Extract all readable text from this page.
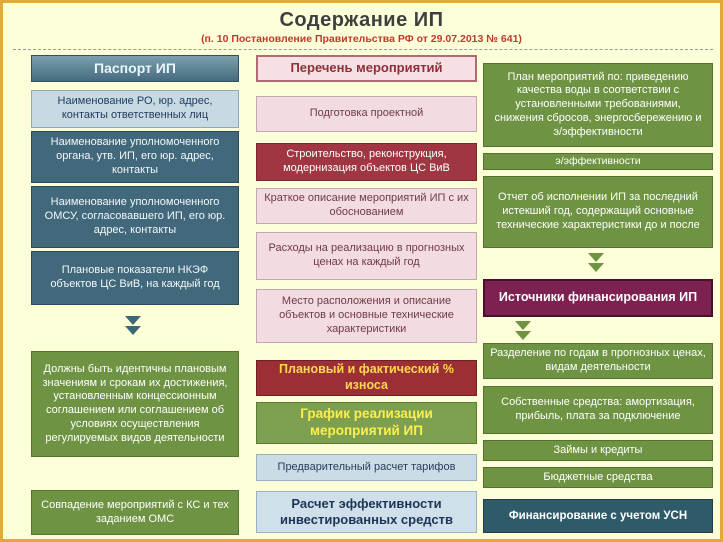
Содержание ИП
(п. 10 Постановление Правительства РФ от 29.07.2013 № 641)
Паспорт ИП
Наименование РО, юр. адрес, контакты ответственных лиц
Наименование уполномоченного органа, утв. ИП, его юр. адрес, контакты
Наименование уполномоченного ОМСУ, согласовавшего ИП, его юр. адрес, контакты
Плановые показатели НКЭФ объектов ЦС ВиВ, на каждый год
Должны быть идентичны плановым значениям и срокам их достижения, установленным концессионным соглашением или соглашением об условиях осуществления регулируемых видов деятельности
Совпадение мероприятий с КС и тех заданием ОМС
Перечень мероприятий
Подготовка проектной
Строительство, реконструкция, модернизация объектов ЦС ВиВ
Краткое описание мероприятий ИП с их обоснованием
Расходы на реализацию в прогнозных ценах на каждый год
Место расположения и описание объектов и основные технические характеристики
Плановый и фактический % износа
График реализации мероприятий ИП
Предварительный расчет тарифов
Расчет эффективности инвестированных средств
План мероприятий по: приведению качества воды в соответствии с установленными требованиями, снижения сбросов, энергосбережению и э/эффективности
э/эффективности
Отчет об исполнении ИП за последний истекший год, содержащий основные технические характеристики до и после
Источники финансирования ИП
Разделение по годам в прогнозных ценах, видам деятельности
Собственные средства: амортизация, прибыль, плата за подключение
Займы и кредиты
Бюджетные средства
Финансирование с учетом УСН
